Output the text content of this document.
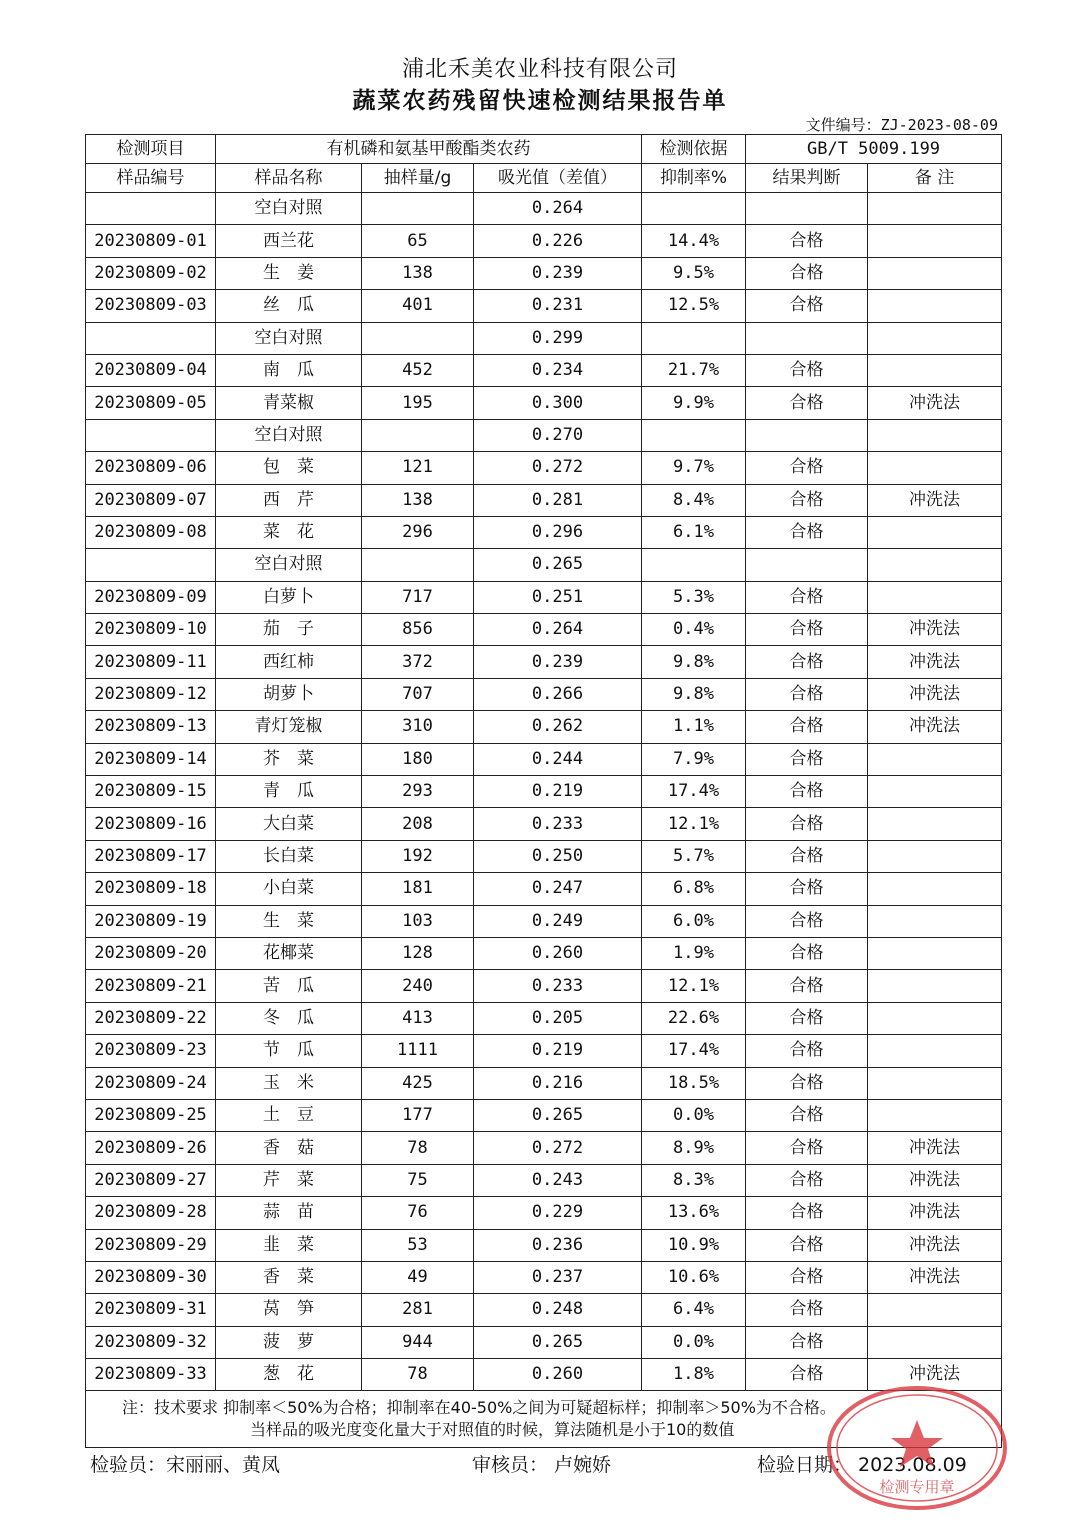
浦北禾美农业科技有限公司
蔬菜农药残留快速检测结果报告单
文件编号：ZJ-2023-08-09
检测项目	有机磷和氨基甲酸酯类农药			检测依据	GB/T 5009.199	
样品编号	样品名称	抽样量/g	吸光值（差值）	抑制率%	结果判断	备 注
	空白对照		0.264			
20230809-01	西兰花	65	0.226	14.4%	合格	
20230809-02	生　姜	138	0.239	9.5%	合格	
20230809-03	丝　瓜	401	0.231	12.5%	合格	
	空白对照		0.299			
20230809-04	南　瓜	452	0.234	21.7%	合格	
20230809-05	青菜椒	195	0.300	9.9%	合格	冲洗法
	空白对照		0.270			
20230809-06	包　菜	121	0.272	9.7%	合格	
20230809-07	西　芹	138	0.281	8.4%	合格	冲洗法
20230809-08	菜　花	296	0.296	6.1%	合格	
	空白对照		0.265			
20230809-09	白萝卜	717	0.251	5.3%	合格	
20230809-10	茄　子	856	0.264	0.4%	合格	冲洗法
20230809-11	西红柿	372	0.239	9.8%	合格	冲洗法
20230809-12	胡萝卜	707	0.266	9.8%	合格	冲洗法
20230809-13	青灯笼椒	310	0.262	1.1%	合格	冲洗法
20230809-14	芥　菜	180	0.244	7.9%	合格	
20230809-15	青　瓜	293	0.219	17.4%	合格	
20230809-16	大白菜	208	0.233	12.1%	合格	
20230809-17	长白菜	192	0.250	5.7%	合格	
20230809-18	小白菜	181	0.247	6.8%	合格	
20230809-19	生　菜	103	0.249	6.0%	合格	
20230809-20	花椰菜	128	0.260	1.9%	合格	
20230809-21	苦　瓜	240	0.233	12.1%	合格	
20230809-22	冬　瓜	413	0.205	22.6%	合格	
20230809-23	节　瓜	1111	0.219	17.4%	合格	
20230809-24	玉　米	425	0.216	18.5%	合格	
20230809-25	土　豆	177	0.265	0.0%	合格	
20230809-26	香　菇	78	0.272	8.9%	合格	冲洗法
20230809-27	芹　菜	75	0.243	8.3%	合格	冲洗法
20230809-28	蒜　苗	76	0.229	13.6%	合格	冲洗法
20230809-29	韭　菜	53	0.236	10.9%	合格	冲洗法
20230809-30	香　菜	49	0.237	10.6%	合格	冲洗法
20230809-31	莴　笋	281	0.248	6.4%	合格	
20230809-32	菠　萝	944	0.265	0.0%	合格	
20230809-33	葱　花	78	0.260	1.8%	合格	冲洗法
注：技术要求 抑制率＜50%为合格；抑制率在40-50%之间为可疑超标样；抑制率＞50%为不合格。
当样品的吸光度变化量大于对照值的时候，算法随机是小于10的数值						
检验员：宋丽丽、黄凤	审核员： 卢婉娇	检验日期： 2023.08.09
检测专用章
